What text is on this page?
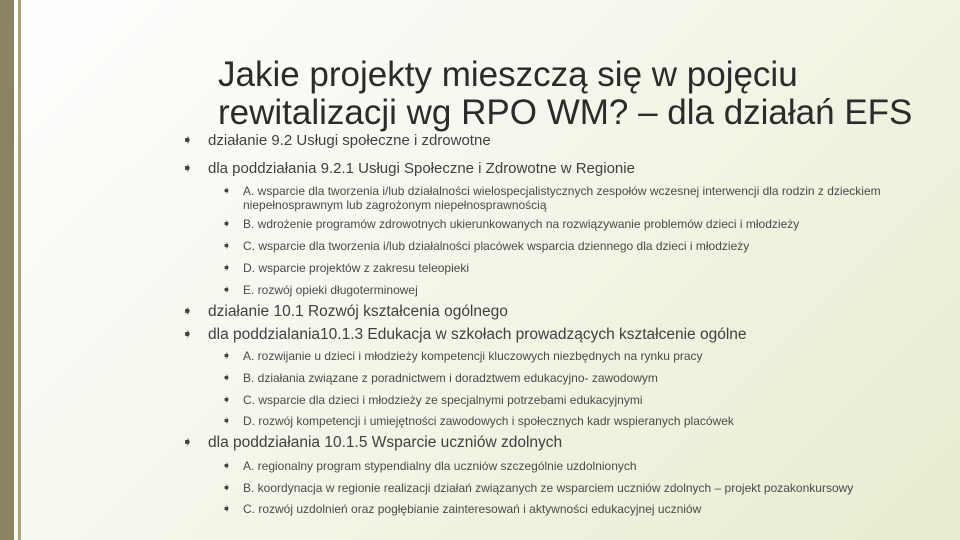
Jakie projekty mieszczą się w pojęciu
rewitalizacji wg RPO WM? – dla działań EFS
➧	działanie 9.2 Usługi społeczne i zdrowotne
➧	dla poddziałania 9.2.1 Usługi Społeczne i Zdrowotne w Regionie
➧ A. wsparcie dla tworzenia i/lub działalności wielospecjalistycznych zespołów wczesnej interwencji dla rodzin z dzieckiem niepełnosprawnym lub zagrożonym niepełnosprawnością
➧ B. wdrożenie programów zdrowotnych ukierunkowanych na rozwiązywanie problemów dzieci i młodzieży
➧ C. wsparcie dla tworzenia i/lub działalności placówek wsparcia dziennego dla dzieci i młodzieży
➧ D. wsparcie projektów z zakresu teleopieki
➧ E. rozwój opieki długoterminowej
➧ działanie 10.1 Rozwój kształcenia ogólnego
➧ dla poddzialania10.1.3 Edukacja w szkołach prowadzących kształcenie ogólne
➧ A. rozwijanie u dzieci i młodzieży kompetencji kluczowych niezbędnych na rynku pracy
➧ B. działania związane z poradnictwem i doradztwem edukacyjno- zawodowym
➧ C. wsparcie dla dzieci i młodzieży ze specjalnymi potrzebami edukacyjnymi
➧ D. rozwój kompetencji i umiejętności zawodowych i społecznych kadr wspieranych placówek
➧ dla poddziałania 10.1.5 Wsparcie uczniów zdolnych
➧ A. regionalny program stypendialny dla uczniów szczególnie uzdolnionych
➧ B. koordynacja w regionie realizacji działań związanych ze wsparciem uczniów zdolnych – projekt pozakonkursowy
➧ C. rozwój uzdolnień oraz pogłębianie zainteresowań i aktywności edukacyjnej uczniów
